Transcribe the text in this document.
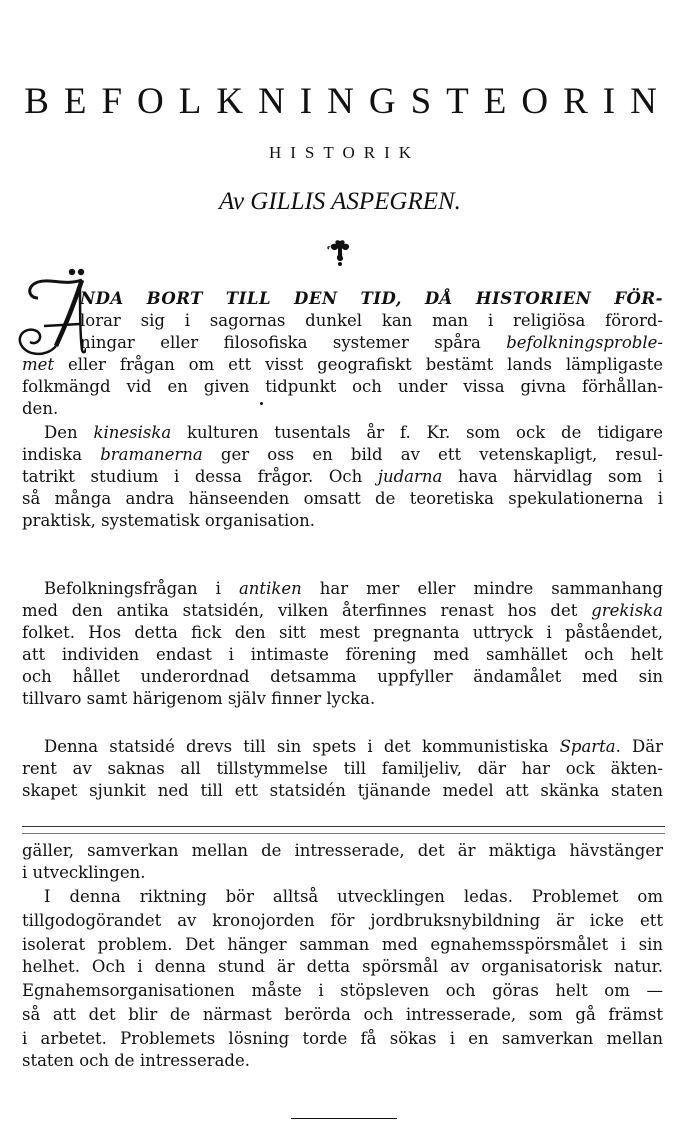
BEFOLKNINGSTEORIN
HISTORIK
Av GILLIS ASPEGREN.
NDA BORT TILL DEN TID, DÅ HISTORIEN FÖR-
lorar sig i sagornas dunkel kan man i religiösa förord-
ningar eller filosofiska systemer spåra befolkningsproble-
met eller frågan om ett visst geografiskt bestämt lands lämpligaste
folkmängd vid en given tidpunkt och under vissa givna förhållan-
den.
Den kinesiska kulturen tusentals år f. Kr. som ock de tidigare
indiska bramanerna ger oss en bild av ett vetenskapligt, resul-
tatrikt studium i dessa frågor. Och judarna hava härvidlag som i
så många andra hänseenden omsatt de teoretiska spekulationerna i
praktisk, systematisk organisation.
Befolkningsfrågan i antiken har mer eller mindre sammanhang
med den antika statsidén, vilken återfinnes renast hos det grekiska
folket. Hos detta fick den sitt mest pregnanta uttryck i påståendet,
att individen endast i intimaste förening med samhället och helt
och hållet underordnad detsamma uppfyller ändamålet med sin
tillvaro samt härigenom själv finner lycka.
Denna statsidé drevs till sin spets i det kommunistiska Sparta. Där
rent av saknas all tillstymmelse till familjeliv, där har ock äkten-
skapet sjunkit ned till ett statsidén tjänande medel att skänka staten
gäller, samverkan mellan de intresserade, det är mäktiga hävstänger
i utvecklingen.
I denna riktning bör alltså utvecklingen ledas. Problemet om
tillgodogörandet av kronojorden för jordbruksnybildning är icke ett
isolerat problem. Det hänger samman med egnahemsspörsmålet i sin
helhet. Och i denna stund är detta spörsmål av organisatorisk natur.
Egnahemsorganisationen måste i stöpsleven och göras helt om —
så att det blir de närmast berörda och intresserade, som gå främst
i arbetet. Problemets lösning torde få sökas i en samverkan mellan
staten och de intresserade.
